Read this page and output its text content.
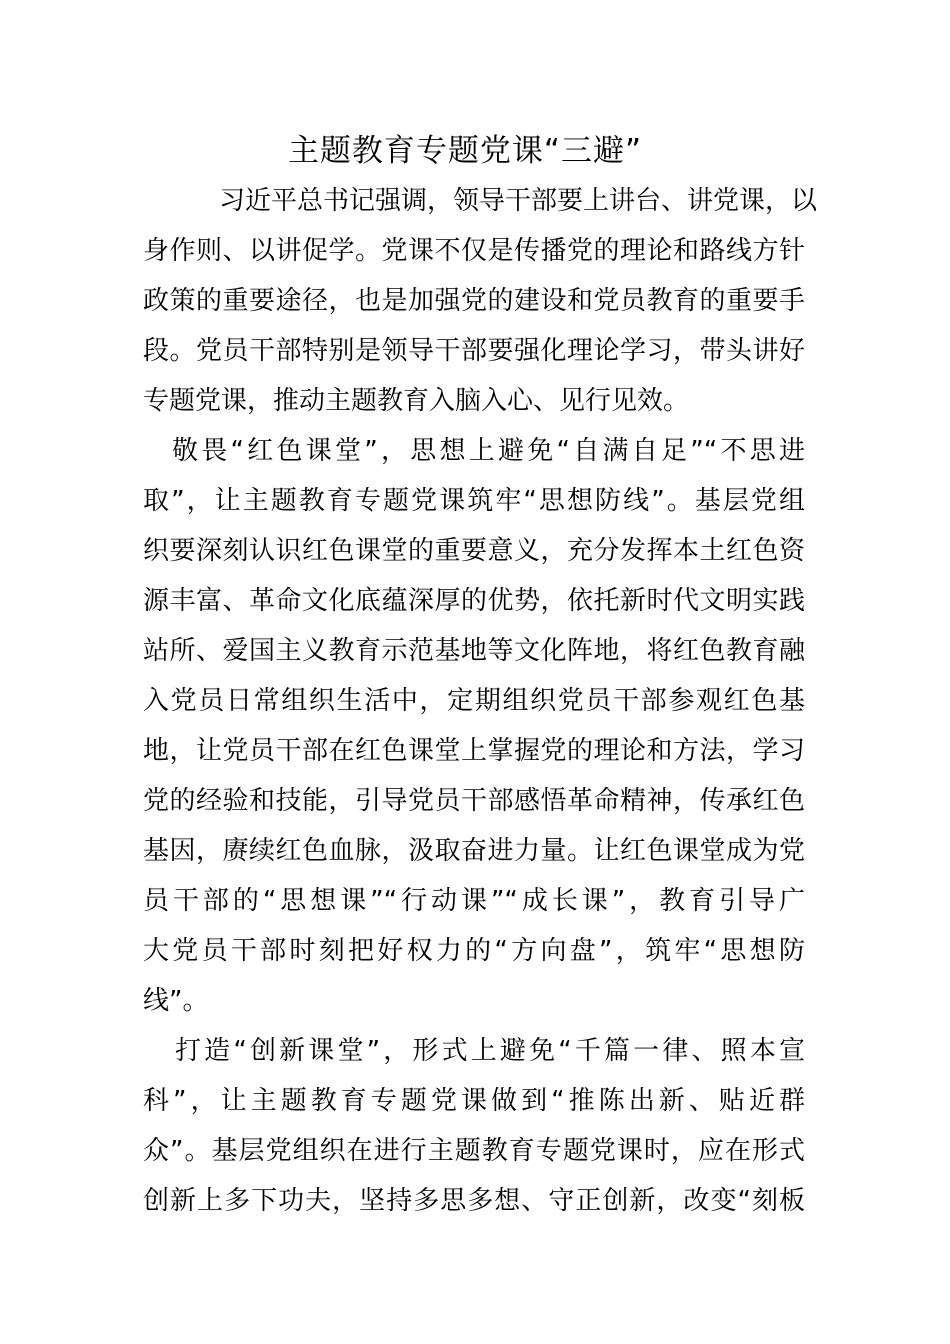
主题教育专题党课“三避”
习近平总书记强调，领导干部要上讲台、讲党课，以
身作则、以讲促学。党课不仅是传播党的理论和路线方针
政策的重要途径，也是加强党的建设和党员教育的重要手
段。党员干部特别是领导干部要强化理论学习，带头讲好
专题党课，推动主题教育入脑入心、见行见效。
敬畏“红色课堂”，思想上避免“自满自足”“不思进
取”，让主题教育专题党课筑牢“思想防线”。基层党组
织要深刻认识红色课堂的重要意义，充分发挥本土红色资
源丰富、革命文化底蕴深厚的优势，依托新时代文明实践
站所、爱国主义教育示范基地等文化阵地，将红色教育融
入党员日常组织生活中，定期组织党员干部参观红色基
地，让党员干部在红色课堂上掌握党的理论和方法，学习
党的经验和技能，引导党员干部感悟革命精神，传承红色
基因，赓续红色血脉，汲取奋进力量。让红色课堂成为党
员干部的“思想课”“行动课”“成长课”，教育引导广
大党员干部时刻把好权力的“方向盘”，筑牢“思想防
线”。
打造“创新课堂”，形式上避免“千篇一律、照本宣
科”，让主题教育专题党课做到“推陈出新、贴近群
众”。基层党组织在进行主题教育专题党课时，应在形式
创新上多下功夫，坚持多思多想、守正创新，改变“刻板
